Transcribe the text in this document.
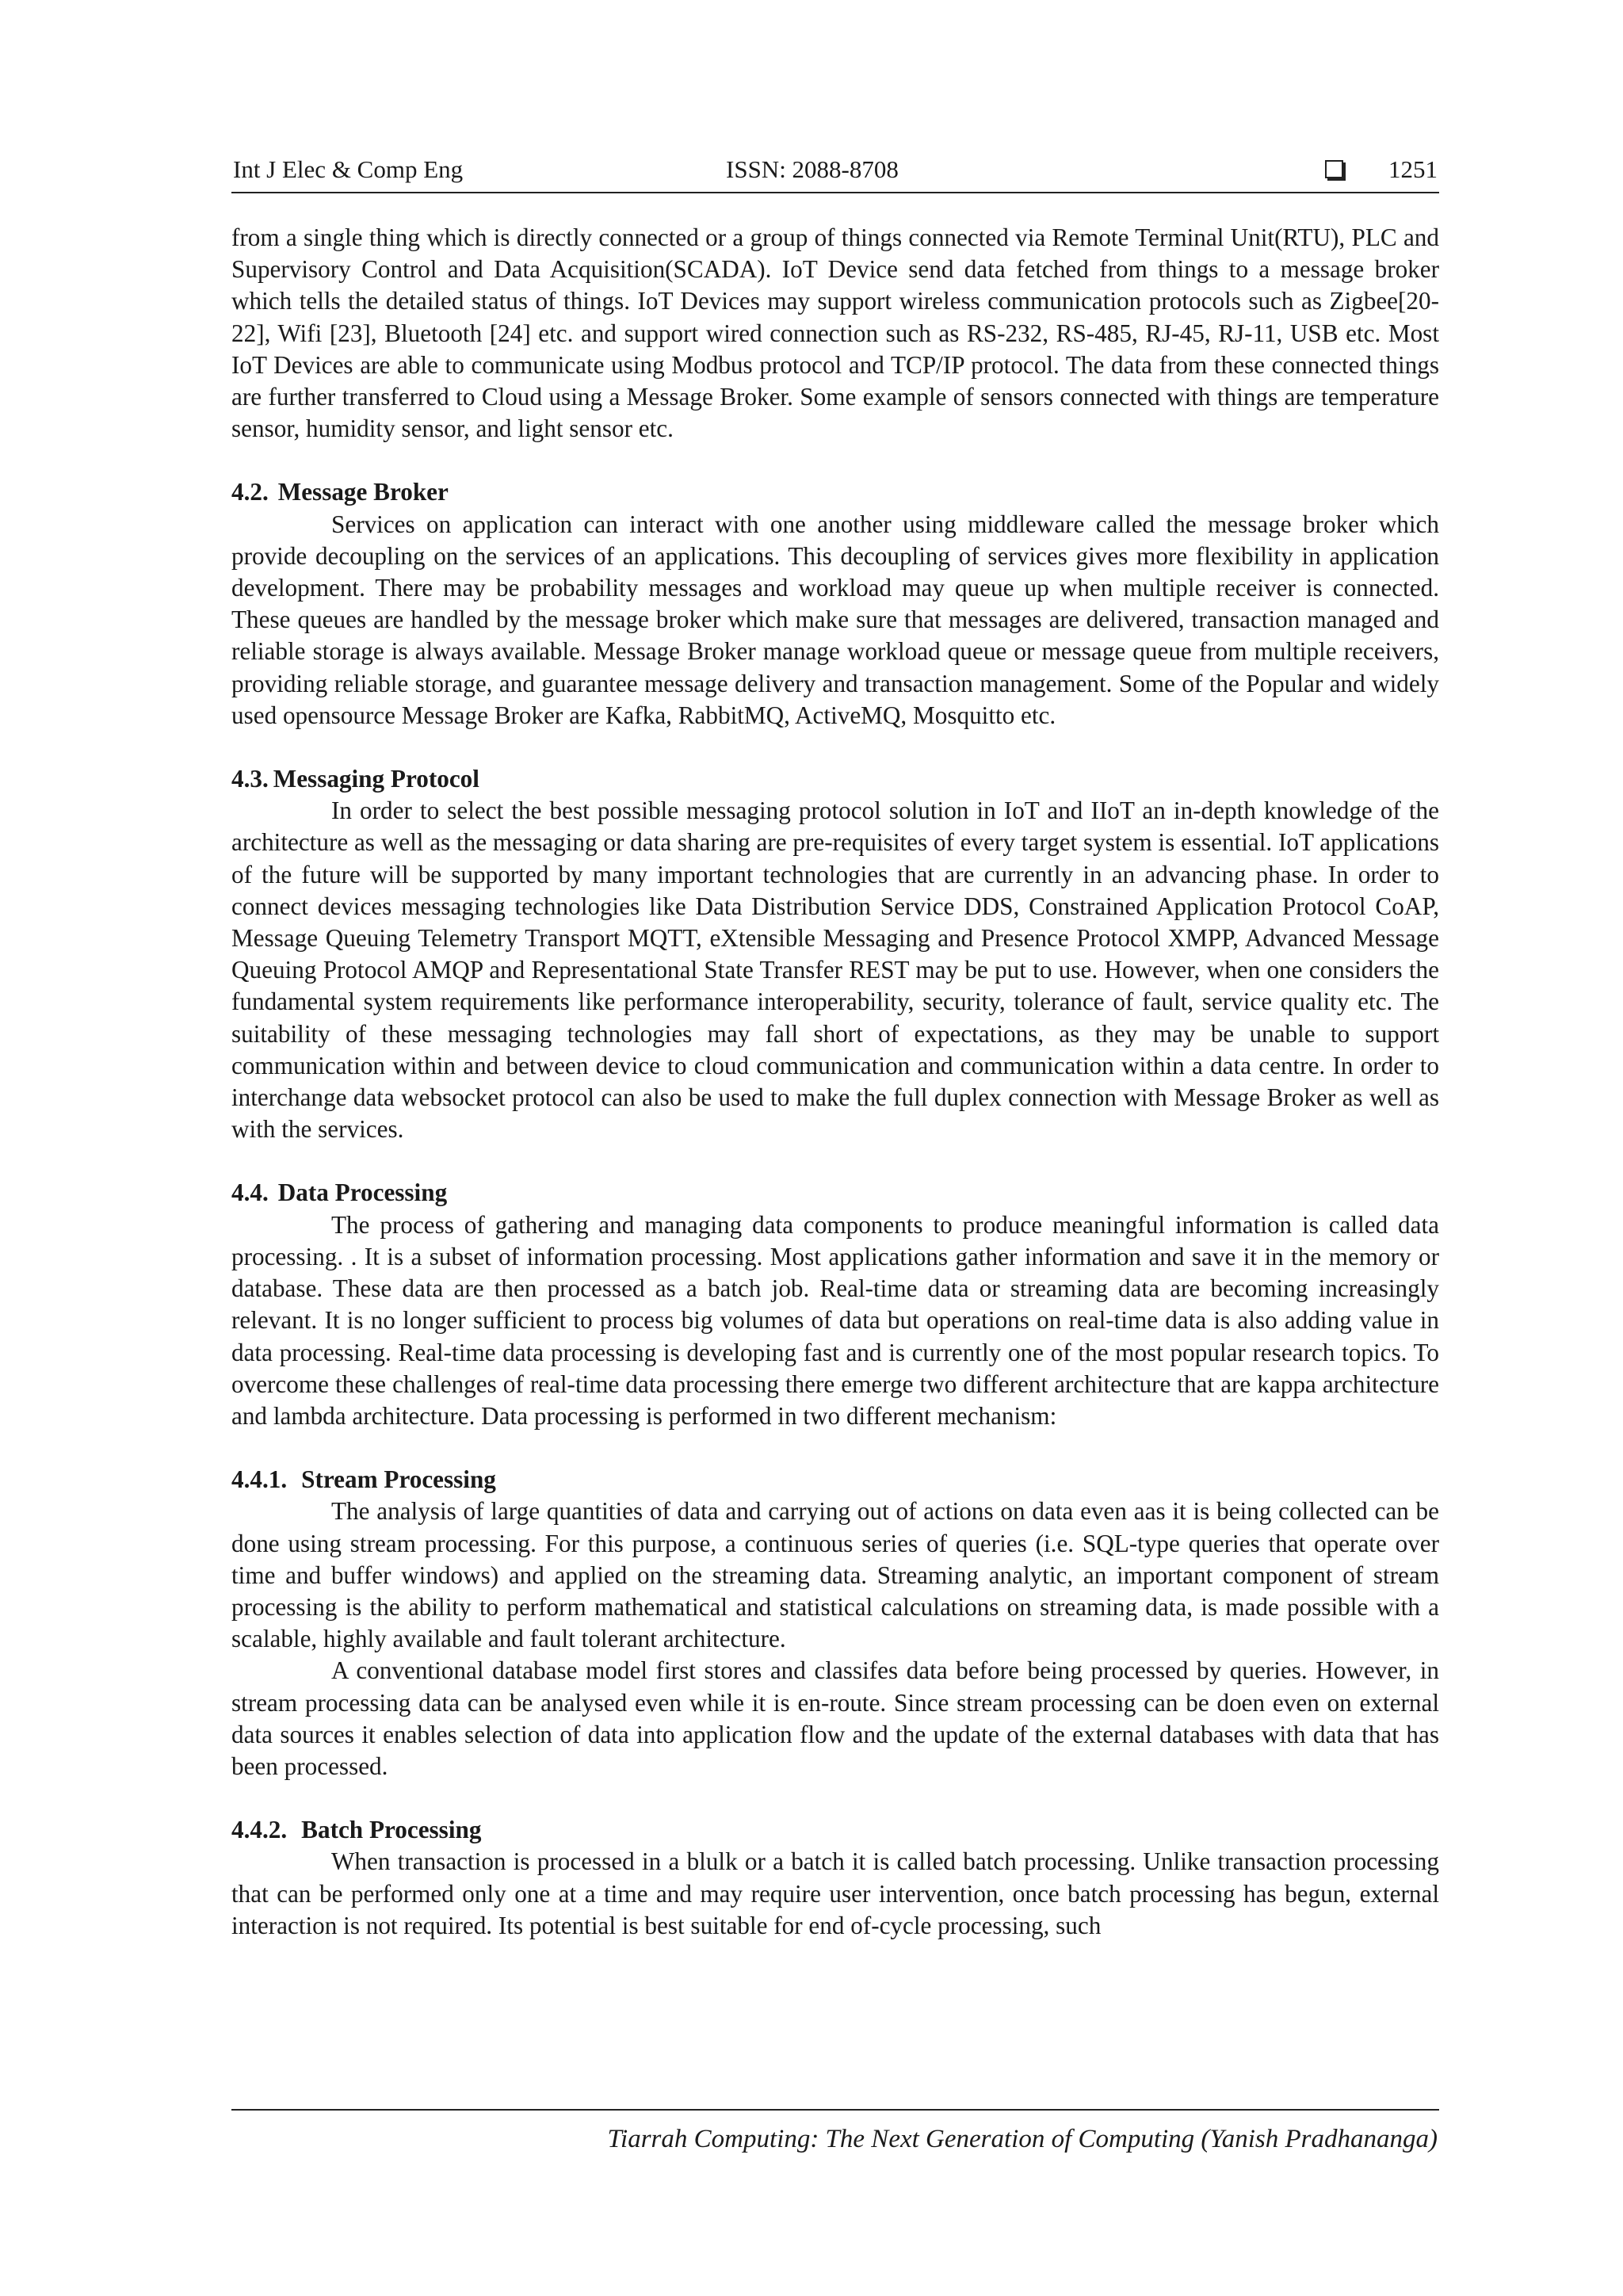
Int J Elec & Comp Eng	ISSN: 2088-8708	1251

from a single thing which is directly connected or a group of things connected via Remote Terminal Unit(RTU), PLC and Supervisory Control and Data Acquisition(SCADA). IoT Device send data fetched from things to a message broker which tells the detailed status of things. IoT Devices may support wireless communication protocols such as Zigbee[20-22], Wifi [23], Bluetooth [24] etc. and support wired connection such as RS-232, RS-485, RJ-45, RJ-11, USB etc. Most IoT Devices are able to communicate using Modbus protocol and TCP/IP protocol. The data from these connected things are further transferred to Cloud using a Message Broker. Some example of sensors connected with things are temperature sensor, humidity sensor, and light sensor etc.

4.2. Message Broker

Services on application can interact with one another using middleware called the message broker which provide decoupling on the services of an applications. This decoupling of services gives more flexibility in application development. There may be probability messages and workload may queue up when multiple receiver is connected. These queues are handled by the message broker which make sure that messages are delivered, transaction managed and reliable storage is always available. Message Broker manage workload queue or message queue from multiple receivers, providing reliable storage, and guarantee message delivery and transaction management. Some of the Popular and widely used opensource Message Broker are Kafka, RabbitMQ, ActiveMQ, Mosquitto etc.

4.3. Messaging Protocol

In order to select the best possible messaging protocol solution in IoT and IIoT an in-depth knowledge of the architecture as well as the messaging or data sharing are pre-requisites of every target system is essential. IoT applications of the future will be supported by many important technologies that are currently in an advancing phase. In order to connect devices messaging technologies like Data Distribution Service DDS, Constrained Application Protocol CoAP, Message Queuing Telemetry Transport MQTT, eXtensible Messaging and Presence Protocol XMPP, Advanced Message Queuing Protocol AMQP and Representational State Transfer REST may be put to use. However, when one considers the fundamental system requirements like performance interoperability, security, tolerance of fault, service quality etc. The suitability of these messaging technologies may fall short of expectations, as they may be unable to support communication within and between device to cloud communication and communication within a data centre. In order to interchange data websocket protocol can also be used to make the full duplex connection with Message Broker as well as with the services.

4.4. Data Processing

The process of gathering and managing data components to produce meaningful information is called data processing. . It is a subset of information processing. Most applications gather information and save it in the memory or database. These data are then processed as a batch job. Real-time data or streaming data are becoming increasingly relevant. It is no longer sufficient to process big volumes of data but operations on real-time data is also adding value in data processing. Real-time data processing is developing fast and is currently one of the most popular research topics. To overcome these challenges of real-time data processing there emerge two different architecture that are kappa architecture and lambda architecture. Data processing is performed in two different mechanism:

4.4.1. Stream Processing

The analysis of large quantities of data and carrying out of actions on data even aas it is being collected can be done using stream processing. For this purpose, a continuous series of queries (i.e. SQL-type queries that operate over time and buffer windows) and applied on the streaming data. Streaming analytic, an important component of stream processing is the ability to perform mathematical and statistical calculations on streaming data, is made possible with a scalable, highly available and fault tolerant architecture.

A conventional database model first stores and classifes data before being processed by queries. However, in stream processing data can be analysed even while it is en-route. Since stream processing can be doen even on external data sources it enables selection of data into application flow and the update of the external databases with data that has been processed.

4.4.2. Batch Processing

When transaction is processed in a blulk or a batch it is called batch processing. Unlike transaction processing that can be performed only one at a time and may require user intervention, once batch processing has begun, external interaction is not required. Its potential is best suitable for end of-cycle processing, such

Tiarrah Computing: The Next Generation of Computing (Yanish Pradhananga)
